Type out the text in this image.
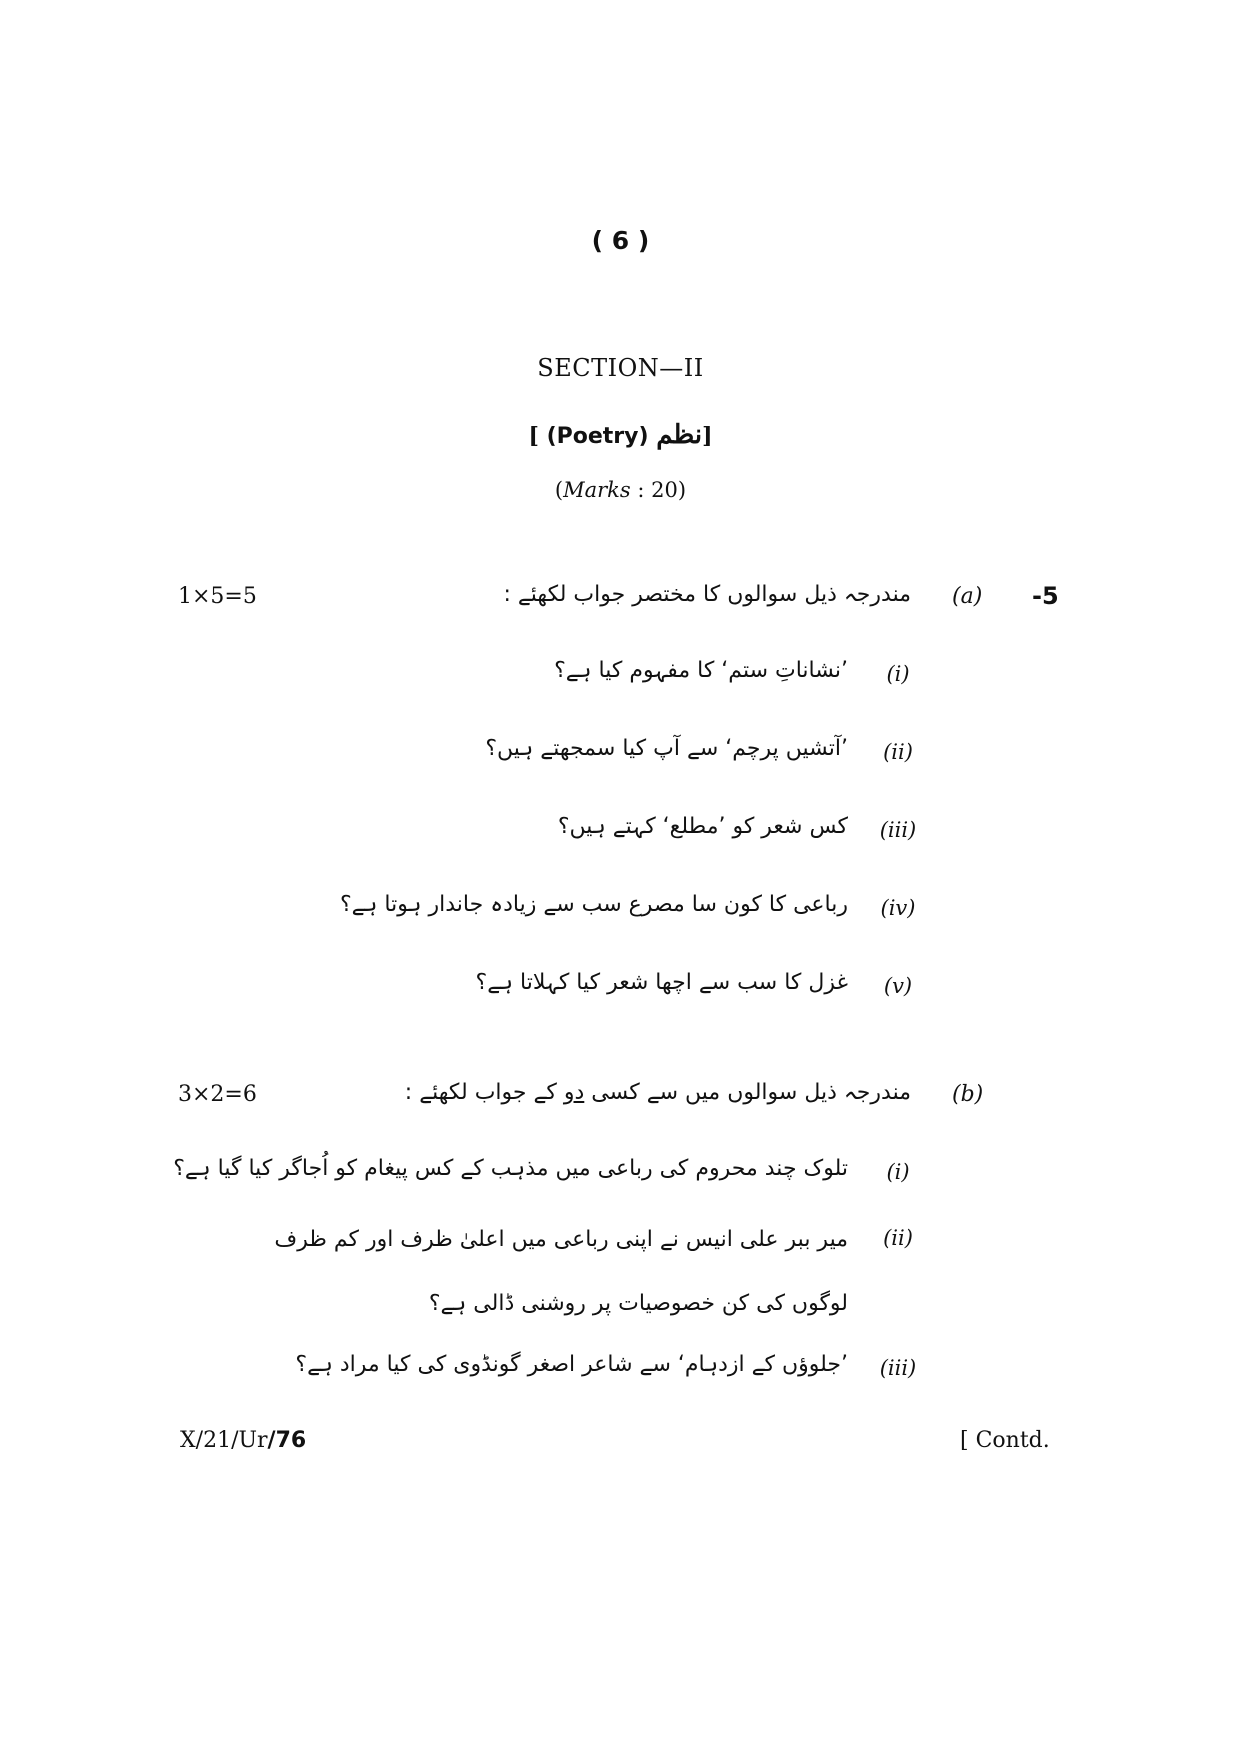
( 6 )
SECTION—II
[ (Poetry) نظم]
(Marks : 20)
1×5=5	مندرجہ ذیل سوالوں کا مختصر جواب لکھئے : (a) -5
(i)
’نشاناتِ ستم‘ کا مفہوم کیا ہے؟
(ii)
’آتشیں پرچم‘ سے آپ کیا سمجھتے ہیں؟
(iii)
کس شعر کو ’مطلع‘ کہتے ہیں؟
(iv)
رباعی کا کون سا مصرع سب سے زیادہ جاندار ہوتا ہے؟
(v)
غزل کا سب سے اچھا شعر کیا کہلاتا ہے؟
3×2=6	مندرجہ ذیل سوالوں میں سے کسی دو کے جواب لکھئے :	(b)
(i)
تلوک چند محروم کی رباعی میں مذہب کے کس پیغام کو اُجاگر کیا گیا ہے؟
(ii)
میر ببر علی انیس نے اپنی رباعی میں اعلیٰ ظرف اور کم ظرف لوگوں کی کن خصوصیات پر روشنی ڈالی ہے؟
(iii)
’جلوؤں کے ازدہام‘ سے شاعر اصغر گونڈوی کی کیا مراد ہے؟
X/21/Ur/76	[ Contd.
